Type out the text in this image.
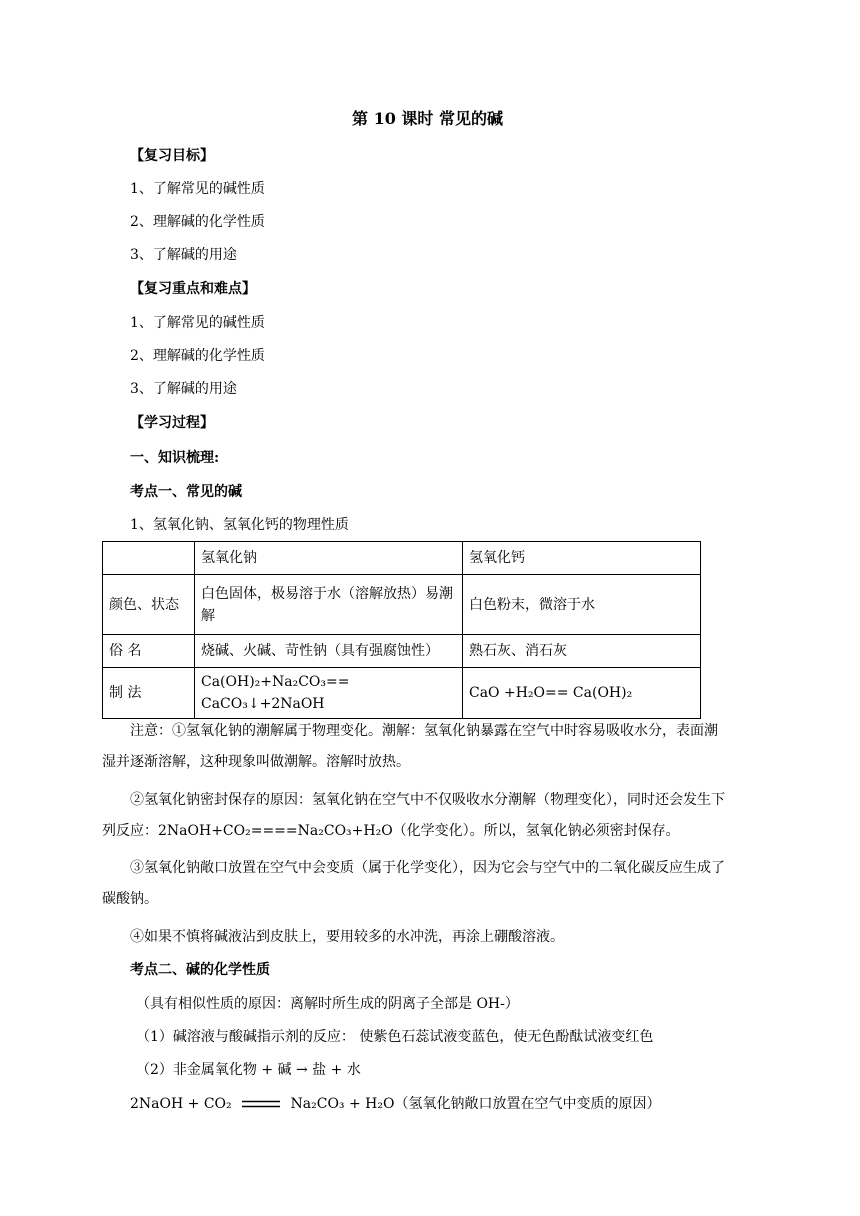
第 10 课时 常见的碱
【复习目标】
1、了解常见的碱性质
2、理解碱的化学性质
3、了解碱的用途
【复习重点和难点】
1、了解常见的碱性质
2、理解碱的化学性质
3、了解碱的用途
【学习过程】
一、知识梳理:
考点一、常见的碱
1、氢氧化钠、氢氧化钙的物理性质
	氢氧化钠	氢氧化钙
颜色、状态	白色固体，极易溶于水（溶解放热）易潮解	白色粉末，微溶于水
俗 名	烧碱、火碱、苛性钠（具有强腐蚀性）	熟石灰、消石灰
制 法	Ca(OH)₂+Na₂CO₃== CaCO₃↓+2NaOH	CaO +H₂O== Ca(OH)₂
注意：①氢氧化钠的潮解属于物理变化。潮解：氢氧化钠暴露在空气中时容易吸收水分，表面潮湿并逐渐溶解，这种现象叫做潮解。溶解时放热。
②氢氧化钠密封保存的原因：氢氧化钠在空气中不仅吸收水分潮解（物理变化），同时还会发生下列反应：2NaOH+CO₂====Na₂CO₃+H₂O（化学变化）。所以，氢氧化钠必须密封保存。
③氢氧化钠敞口放置在空气中会变质（属于化学变化），因为它会与空气中的二氧化碳反应生成了碳酸钠。
④如果不慎将碱液沾到皮肤上，要用较多的水冲洗，再涂上硼酸溶液。
考点二、碱的化学性质
（具有相似性质的原因：离解时所生成的阴离子全部是 OH-）
（1）碱溶液与酸碱指示剂的反应： 使紫色石蕊试液变蓝色，使无色酚酞试液变红色
（2）非金属氧化物 + 碱 → 盐 + 水
2NaOH + CO₂	Na₂CO₃ + H₂O（氢氧化钠敞口放置在空气中变质的原因）
